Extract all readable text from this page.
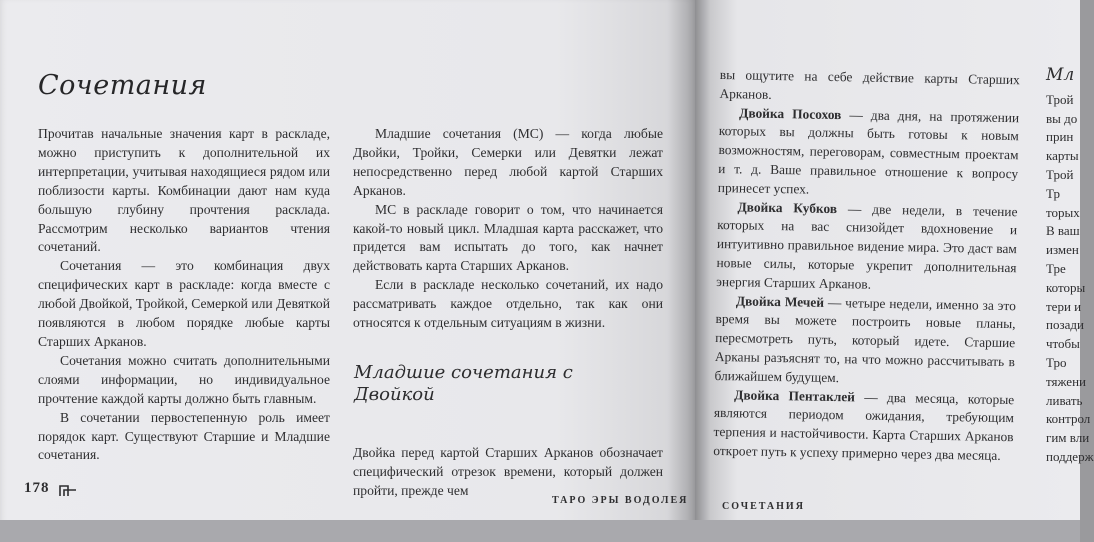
Сочетания

Прочитав начальные значения карт в раскладе, можно приступить к дополнительной их интерпретации, учитывая находящиеся рядом или поблизости карты. Комбинации дают нам куда большую глубину прочтения расклада. Рассмотрим несколько вариантов чтения сочетаний.

Сочетания — это комбинация двух специфических карт в раскладе: когда вместе с любой Двойкой, Тройкой, Семеркой или Девяткой появляются в любом порядке любые карты Старших Арканов.

Сочетания можно считать дополнительными слоями информации, но индивидуальное прочтение каждой карты должно быть главным.

В сочетании первостепенную роль имеет порядок карт. Существуют Старшие и Младшие сочетания.

Младшие сочетания (МС) — когда любые Двойки, Тройки, Семерки или Девятки лежат непосредственно перед любой картой Старших Арканов.

МС в раскладе говорит о том, что начинается какой-то новый цикл. Младшая карта расскажет, что придется вам испытать до того, как начнет действовать карта Старших Арканов.

Если в раскладе несколько сочетаний, их надо рассматривать каждое отдельно, так как они относятся к отдельным ситуациям в жизни.

Младшие сочетания с Двойкой

Двойка перед картой Старших Арканов обозначает специфический отрезок времени, который должен пройти, прежде чем

178
ТАРО ЭРЫ ВОДОЛЕЯ

вы ощутите на себе действие карты Старших Арканов.

Двойка Посохов — два дня, на протяжении которых вы должны быть готовы к новым возможностям, переговорам, совместным проектам и т. д. Ваше правильное отношение к вопросу принесет успех.

Двойка Кубков — две недели, в течение которых на вас снизойдет вдохновение и интуитивно правильное видение мира. Это даст вам новые силы, которые укрепит дополнительная энергия Старших Арканов.

Двойка Мечей — четыре недели, именно за это время вы можете построить новые планы, пересмотреть путь, который идете. Старшие Арканы разъяснят то, на что можно рассчитывать в ближайшем будущем.

Двойка Пентаклей — два месяца, которые являются периодом ожидания, требующим терпения и настойчивости. Карта Старших Арканов откроет путь к успеху примерно через два месяца.

Мл
Трой
вы до
прин
карты
Трой
Тр
торых
В ваш
измен
Тре
которы
тери и
позади
чтобы
Тро
тяжени
ливать
контрол
гим вли
поддерж
СОЧЕТАНИЯ
